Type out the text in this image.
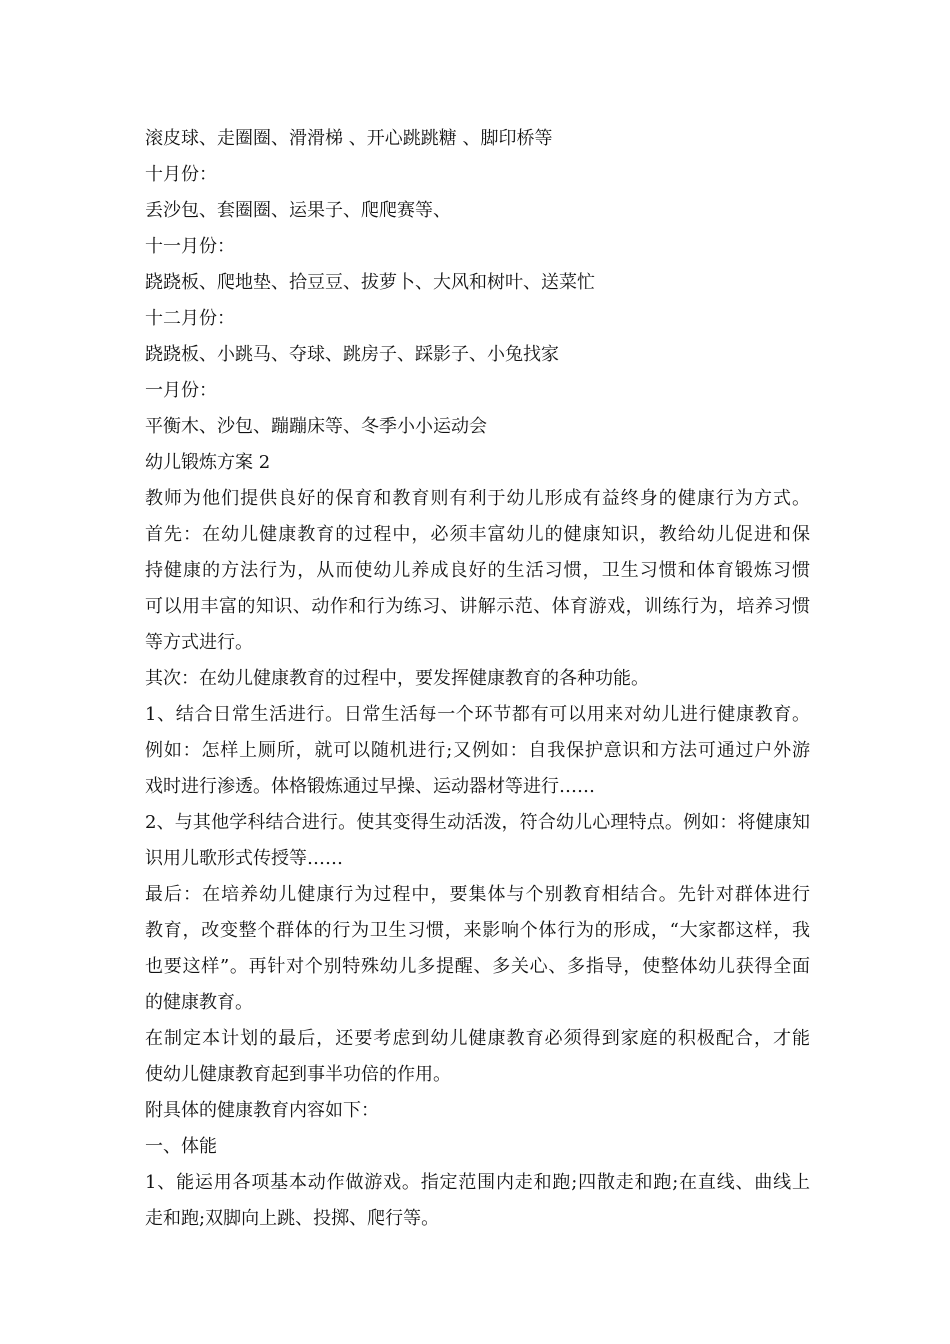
滚皮球、走圈圈、滑滑梯 、开心跳跳糖 、脚印桥等
十月份：
丢沙包、套圈圈、运果子、爬爬赛等、
十一月份：
跷跷板、爬地垫、拾豆豆、拔萝卜、大风和树叶、送菜忙
十二月份：
跷跷板、小跳马、夺球、跳房子、踩影子、小兔找家
一月份：
平衡木、沙包、蹦蹦床等、冬季小小运动会
幼儿锻炼方案 2
教师为他们提供良好的保育和教育则有利于幼儿形成有益终身的健康行为方式。
首先：在幼儿健康教育的过程中，必须丰富幼儿的健康知识，教给幼儿促进和保
持健康的方法行为，从而使幼儿养成良好的生活习惯，卫生习惯和体育锻炼习惯
可以用丰富的知识、动作和行为练习、讲解示范、体育游戏，训练行为，培养习惯
等方式进行。
其次：在幼儿健康教育的过程中，要发挥健康教育的各种功能。
1、结合日常生活进行。日常生活每一个环节都有可以用来对幼儿进行健康教育。
例如：怎样上厕所，就可以随机进行;又例如：自我保护意识和方法可通过户外游
戏时进行渗透。体格锻炼通过早操、运动器材等进行……
2、与其他学科结合进行。使其变得生动活泼，符合幼儿心理特点。例如：将健康知
识用儿歌形式传授等……
最后：在培养幼儿健康行为过程中，要集体与个别教育相结合。先针对群体进行
教育，改变整个群体的行为卫生习惯，来影响个体行为的形成，“大家都这样，我
也要这样”。再针对个别特殊幼儿多提醒、多关心、多指导，使整体幼儿获得全面
的健康教育。
在制定本计划的最后，还要考虑到幼儿健康教育必须得到家庭的积极配合，才能
使幼儿健康教育起到事半功倍的作用。
附具体的健康教育内容如下：
一、体能
1、能运用各项基本动作做游戏。指定范围内走和跑;四散走和跑;在直线、曲线上
走和跑;双脚向上跳、投掷、爬行等。
